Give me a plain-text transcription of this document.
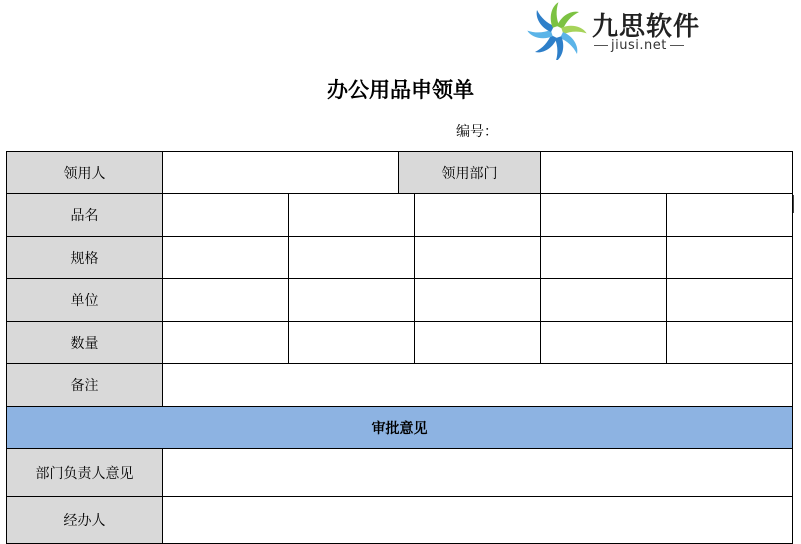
九思软件
jiusi.net
办公用品申领单
编号：
领用人			领用部门			
品名						
规格						
单位						
数量						
备注						
审批意见						
部门负责人意见						
经办人						
